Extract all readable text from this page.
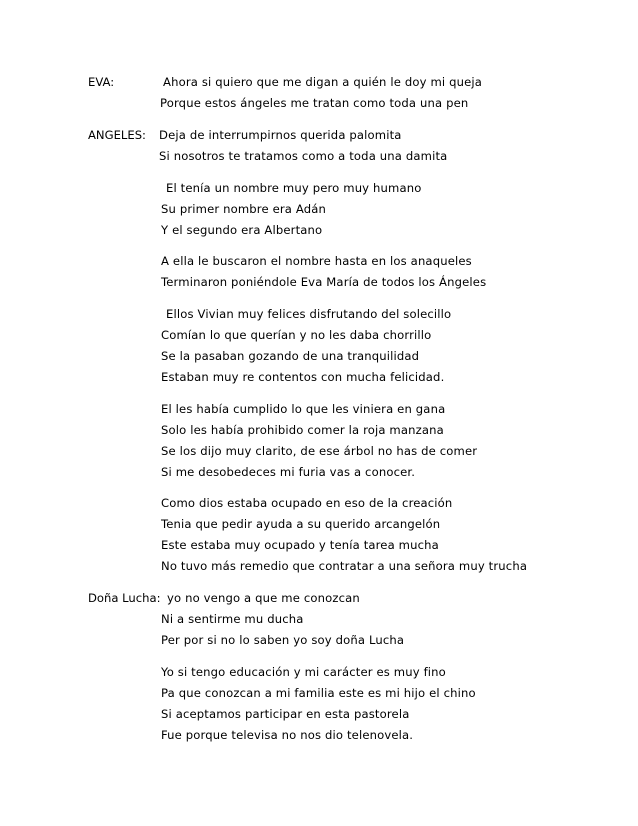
EVA:	Ahora si quiero que me digan a quién le doy mi queja
Porque estos ángeles me tratan como toda una pen
ANGELES: Deja de interrumpirnos querida palomita
Si nosotros te tratamos como a toda una damita
El tenía un nombre muy pero muy humano
Su primer nombre era Adán
Y el segundo era Albertano
A ella le buscaron el nombre hasta en los anaqueles
Terminaron poniéndole Eva María de todos los Ángeles
Ellos Vivian muy felices disfrutando del solecillo
Comían lo que querían y no les daba chorrillo
Se la pasaban gozando de una tranquilidad
Estaban muy re contentos con mucha felicidad.
El les había cumplido lo que les viniera en gana
Solo les había prohibido comer la roja manzana
Se los dijo muy clarito, de ese árbol no has de comer
Si me desobedeces mi furia vas a conocer.
Como dios estaba ocupado en eso de la creación
Tenia que pedir ayuda a su querido arcangelón
Este estaba muy ocupado y tenía tarea mucha
No tuvo más remedio que contratar a una señora muy trucha
Doña Lucha: yo no vengo a que me conozcan
Ni a sentirme mu ducha
Per por si no lo saben yo soy doña Lucha
Yo si tengo educación y mi carácter es muy fino
Pa que conozcan a mi familia este es mi hijo el chino
Si aceptamos participar en esta pastorela
Fue porque televisa no nos dio telenovela.
